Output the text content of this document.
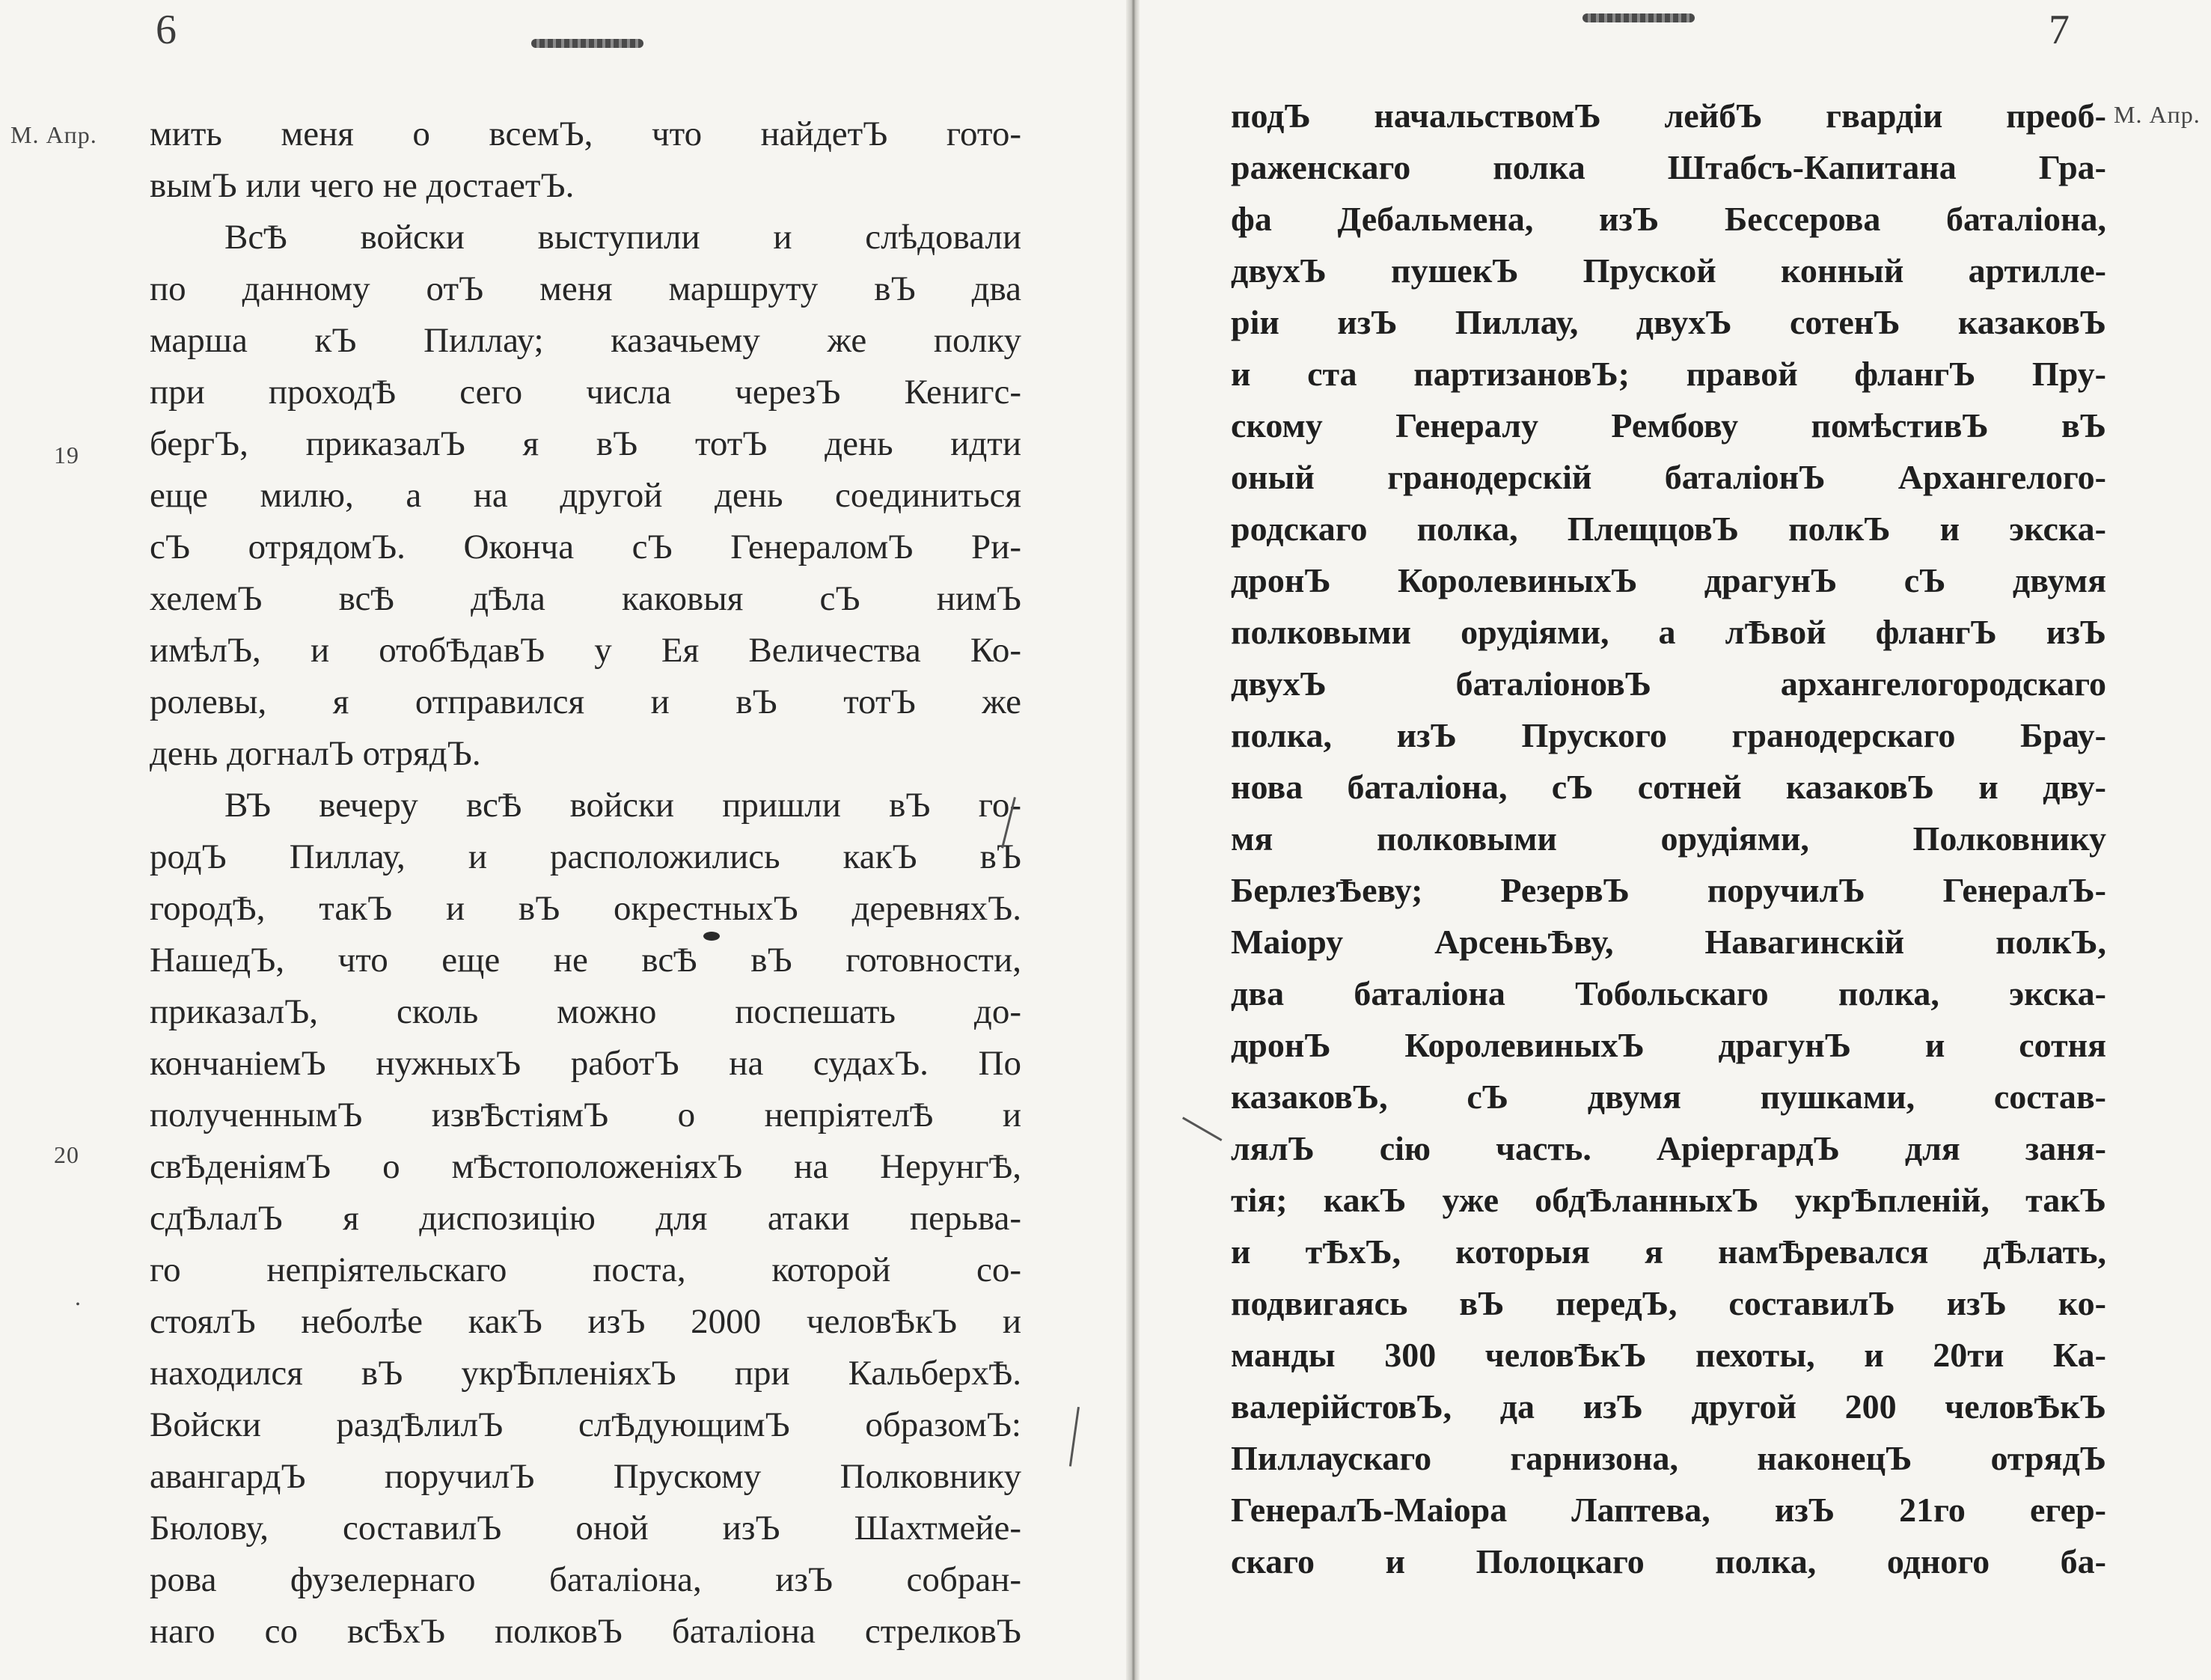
6
М. Апр.
19
20
.
мить меня о всемЪ, что найдетЪ гото-
вымЪ или чего не достаетЪ.
ВсѢ войски выступили и слѣдовали
по данному отЪ меня маршруту вЪ два
марша кЪ Пиллау; казачьему же полку
при проходѢ сего числа черезЪ Кенигс-
бергЪ, приказалЪ я вЪ тотЪ день идти
еще милю, а на другой день соединиться
сЪ отрядомЪ. Окончa сЪ ГенераломЪ Ри-
хелемЪ всѢ дѢла каковыя сЪ нимЪ
имѣлЪ, и отобѢдавЪ у Ея Величества Ко-
ролевы, я отправился и вЪ тотЪ же
день догналЪ отрядЪ.
ВЪ вечеру всѢ войски пришли вЪ го-
родЪ Пиллау, и расположились какЪ вЪ
городѢ, такЪ и вЪ окрестныхЪ деревняхЪ.
НашедЪ, что еще не всѢ вЪ готовности,
приказалЪ, сколь можно поспешать до-
кончаніемЪ нужныхЪ работЪ на судахЪ. По
полученнымЪ извѢстіямЪ о непріятелѢ и
свѢденіямЪ о мѢстоположеніяхЪ на НерунгѢ,
сдѢлалЪ я диспозицію для атаки перьва-
го непріятельскаго поста, которой со-
стоялЪ неболѣе какЪ изЪ 2000 человѢкЪ и
находился вЪ укрѢпленіяхЪ при КальберхѢ.
Войски раздѢлилЪ слѢдующимЪ образомЪ:
авангардЪ поручилЪ Прускому Полковнику
Бюлову, составилЪ оной изЪ Шахтмейе-
рова фузелернаго баталіона, изЪ собран-
наго со всѢхЪ полковЪ баталіона стрелковЪ
7
М. Апр.
подЪ начальствомЪ лейбЪ гвардіи преоб-
раженскаго полка Штабсъ-Капитана Гра-
фа Дебальмена, изЪ Бессерова баталіона,
двухЪ пушекЪ Пруской конный артилле-
ріи изЪ Пиллау, двухЪ сотенЪ казаковЪ
и ста партизановЪ; правой флангЪ Пру-
скому Генералу Рембову помѣстивЪ вЪ
оный гранодерскій баталіонЪ Архангелого-
родскаго полка, ПлещцовЪ полкЪ и экска-
дронЪ КоролевиныхЪ драгунЪ сЪ двумя
полковыми орудіями, а лѢвой флангЪ изЪ
двухЪ баталіоновЪ архангелогородскаго
полка, изЪ Пруского гранодерскаго Брау-
нова баталіона, сЪ сотней казаковЪ и дву-
мя полковыми орудіями, Полковнику
БерлезѢеву; РезервЪ поручилЪ ГенералЪ-
Маіору АрсеньѢву, Навагинскій полкЪ,
два баталіона Тобольскаго полка, экска-
дронЪ КоролевиныхЪ драгунЪ и сотня
казаковЪ, сЪ двумя пушками, состав-
лялЪ сію часть. АріергардЪ для заня-
тія; какЪ уже обдѢланныхЪ укрѢпленій, такЪ
и тѢхЪ, которыя я намѢревался дѢлать,
подвигаясь вЪ передЪ, составилЪ изЪ ко-
манды 300 человѢкЪ пехоты, и 20ти Ка-
валерійстовЪ, да изЪ другой 200 человѢкЪ
Пиллаускаго гарнизона, наконецЪ отрядЪ
ГенералЪ-Маіора Лаптева, изЪ 21го егер-
скаго и Полоцкаго полка, одного ба-
